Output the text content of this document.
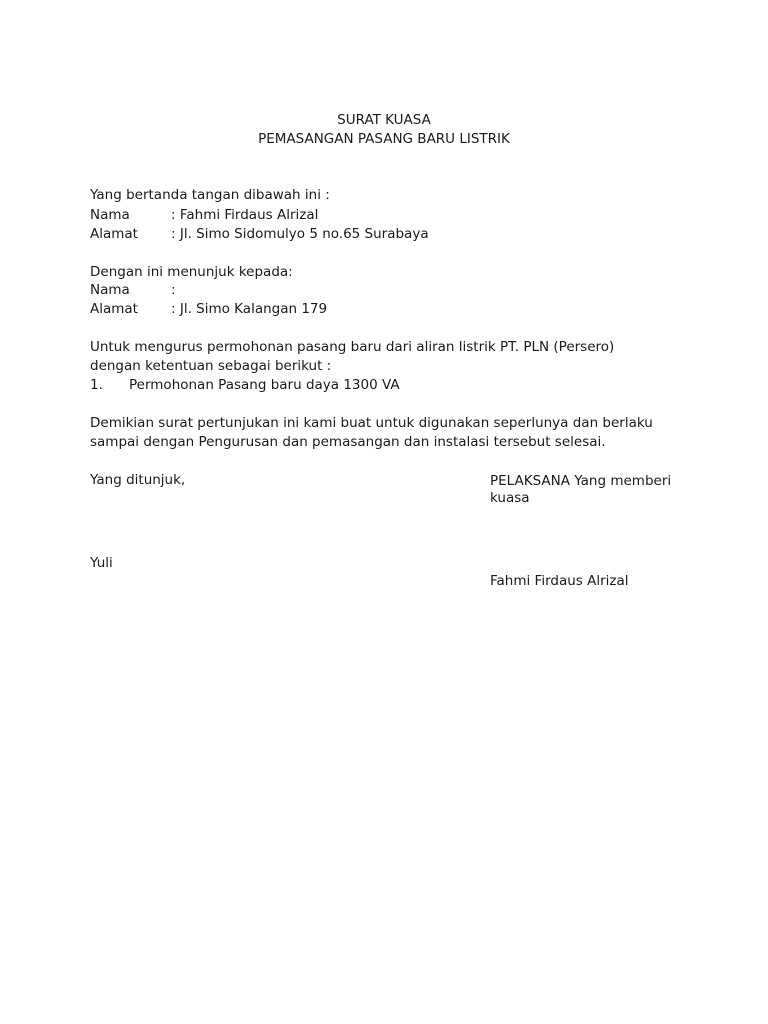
SURAT KUASA
PEMASANGAN PASANG BARU LISTRIK
Yang bertanda tangan dibawah ini :
Nama	: Fahmi Firdaus Alrizal
Alamat : Jl. Simo Sidomulyo 5 no.65 Surabaya
Dengan ini menunjuk kepada:
Nama	:
Alamat : Jl. Simo Kalangan 179
Untuk mengurus permohonan pasang baru dari aliran listrik PT. PLN (Persero)
dengan ketentuan sebagai berikut :
1. Permohonan Pasang baru daya 1300 VA
Demikian surat pertunjukan ini kami buat untuk digunakan seperlunya dan berlaku
sampai dengan Pengurusan dan pemasangan dan instalasi tersebut selesai.
Yang ditunjuk,	PELAKSANA Yang memberi kuasa
Yuli
Fahmi Firdaus Alrizal
